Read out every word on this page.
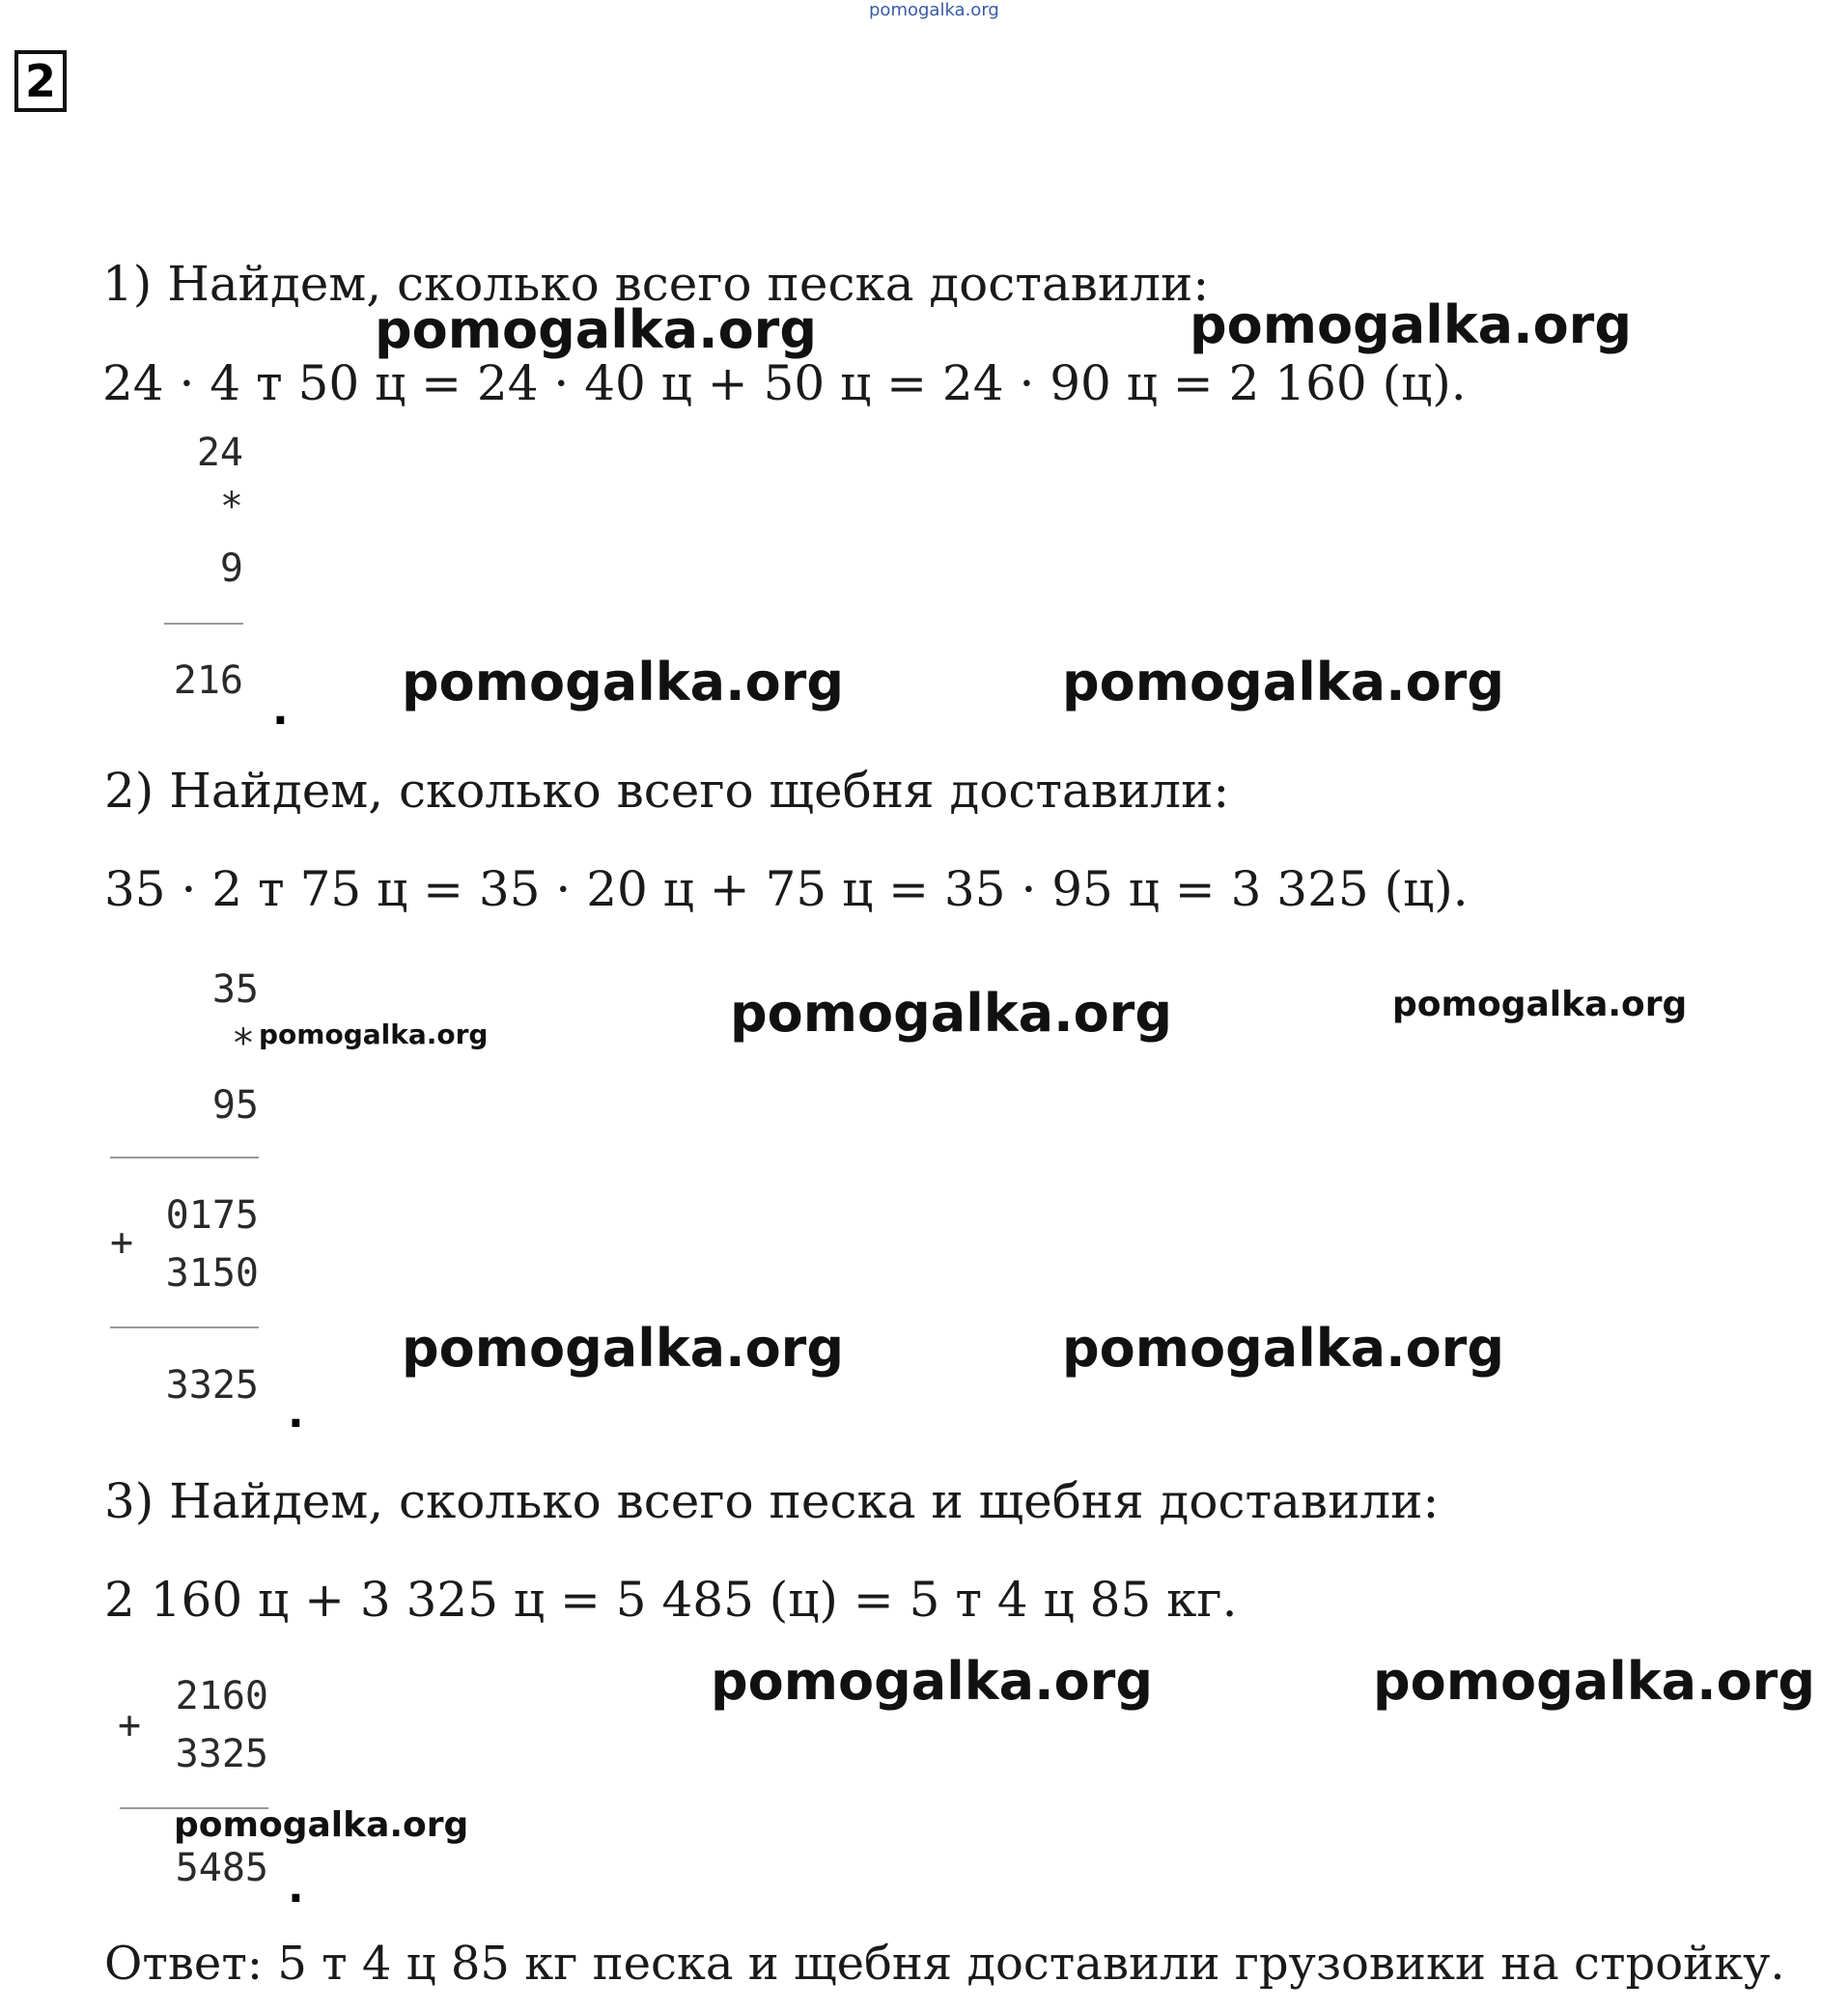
pomogalka.org
2
1) Найдем, сколько всего песка доставили:
24 · 4 т 50 ц = 24 · 40 ц + 50 ц = 24 · 90 ц = 2 160 (ц).
pomogalka.org	pomogalka.org
24
*
9
216
. pomogalka.org	pomogalka.org
2) Найдем, сколько всего щебня доставили:
35 · 2 т 75 ц = 35 · 20 ц + 75 ц = 35 · 95 ц = 3 325 (ц).
35
* pomogalka.org
95
+
0175
3150
3325
.
pomogalka.org	pomogalka.org
pomogalka.org	pomogalka.org
3) Найдем, сколько всего песка и щебня доставили:
2 160 ц + 3 325 ц = 5 485 (ц) = 5 т 4 ц 85 кг.
+
2160
3325
pomogalka.org
5485 .
pomogalka.org	pomogalka.org
Ответ: 5 т 4 ц 85 кг песка и щебня доставили грузовики на стройку.
